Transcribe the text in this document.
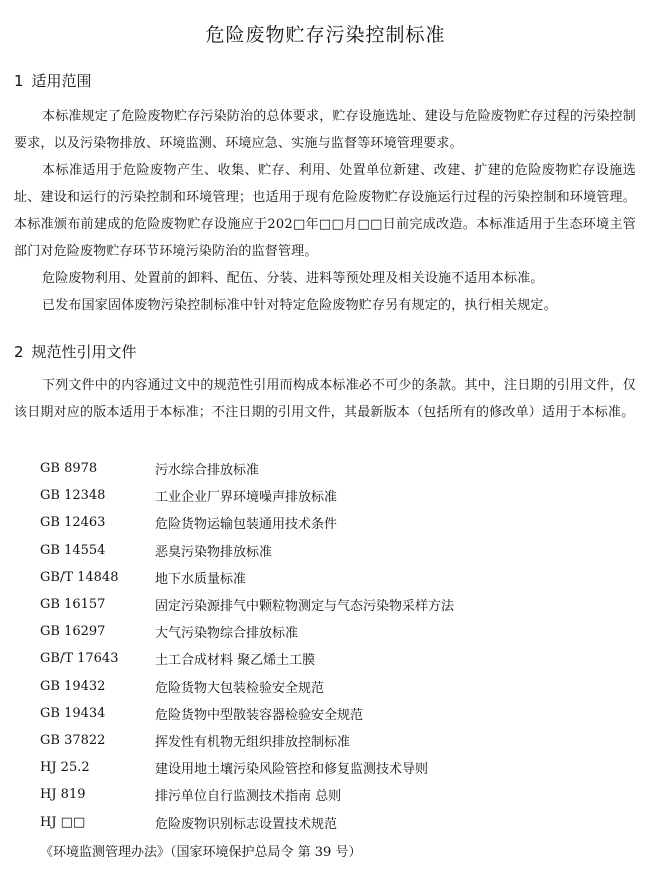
危险废物贮存污染控制标准
1 适用范围
本标准规定了危险废物贮存污染防治的总体要求，贮存设施选址、建设与危险废物贮存过程的污染控制要求，以及污染物排放、环境监测、环境应急、实施与监督等环境管理要求。
本标准适用于危险废物产生、收集、贮存、利用、处置单位新建、改建、扩建的危险废物贮存设施选址、建设和运行的污染控制和环境管理；也适用于现有危险废物贮存设施运行过程的污染控制和环境管理。本标准颁布前建成的危险废物贮存设施应于202□年□□月□□日前完成改造。本标准适用于生态环境主管部门对危险废物贮存环节环境污染防治的监督管理。
危险废物利用、处置前的卸料、配伍、分装、进料等预处理及相关设施不适用本标准。
已发布国家固体废物污染控制标准中针对特定危险废物贮存另有规定的，执行相关规定。
2 规范性引用文件
下列文件中的内容通过文中的规范性引用而构成本标准必不可少的条款。其中，注日期的引用文件，仅该日期对应的版本适用于本标准；不注日期的引用文件，其最新版本（包括所有的修改单）适用于本标准。
GB 8978	污水综合排放标准
GB 12348	工业企业厂界环境噪声排放标准
GB 12463	危险货物运输包装通用技术条件
GB 14554	恶臭污染物排放标准
GB/T 14848	地下水质量标准
GB 16157	固定污染源排气中颗粒物测定与气态污染物采样方法
GB 16297	大气污染物综合排放标准
GB/T 17643	土工合成材料 聚乙烯土工膜
GB 19432	危险货物大包装检验安全规范
GB 19434	危险货物中型散装容器检验安全规范
GB 37822	挥发性有机物无组织排放控制标准
HJ 25.2	建设用地土壤污染风险管控和修复监测技术导则
HJ 819	排污单位自行监测技术指南 总则
HJ □□	危险废物识别标志设置技术规范
《环境监测管理办法》（国家环境保护总局令 第 39 号）
